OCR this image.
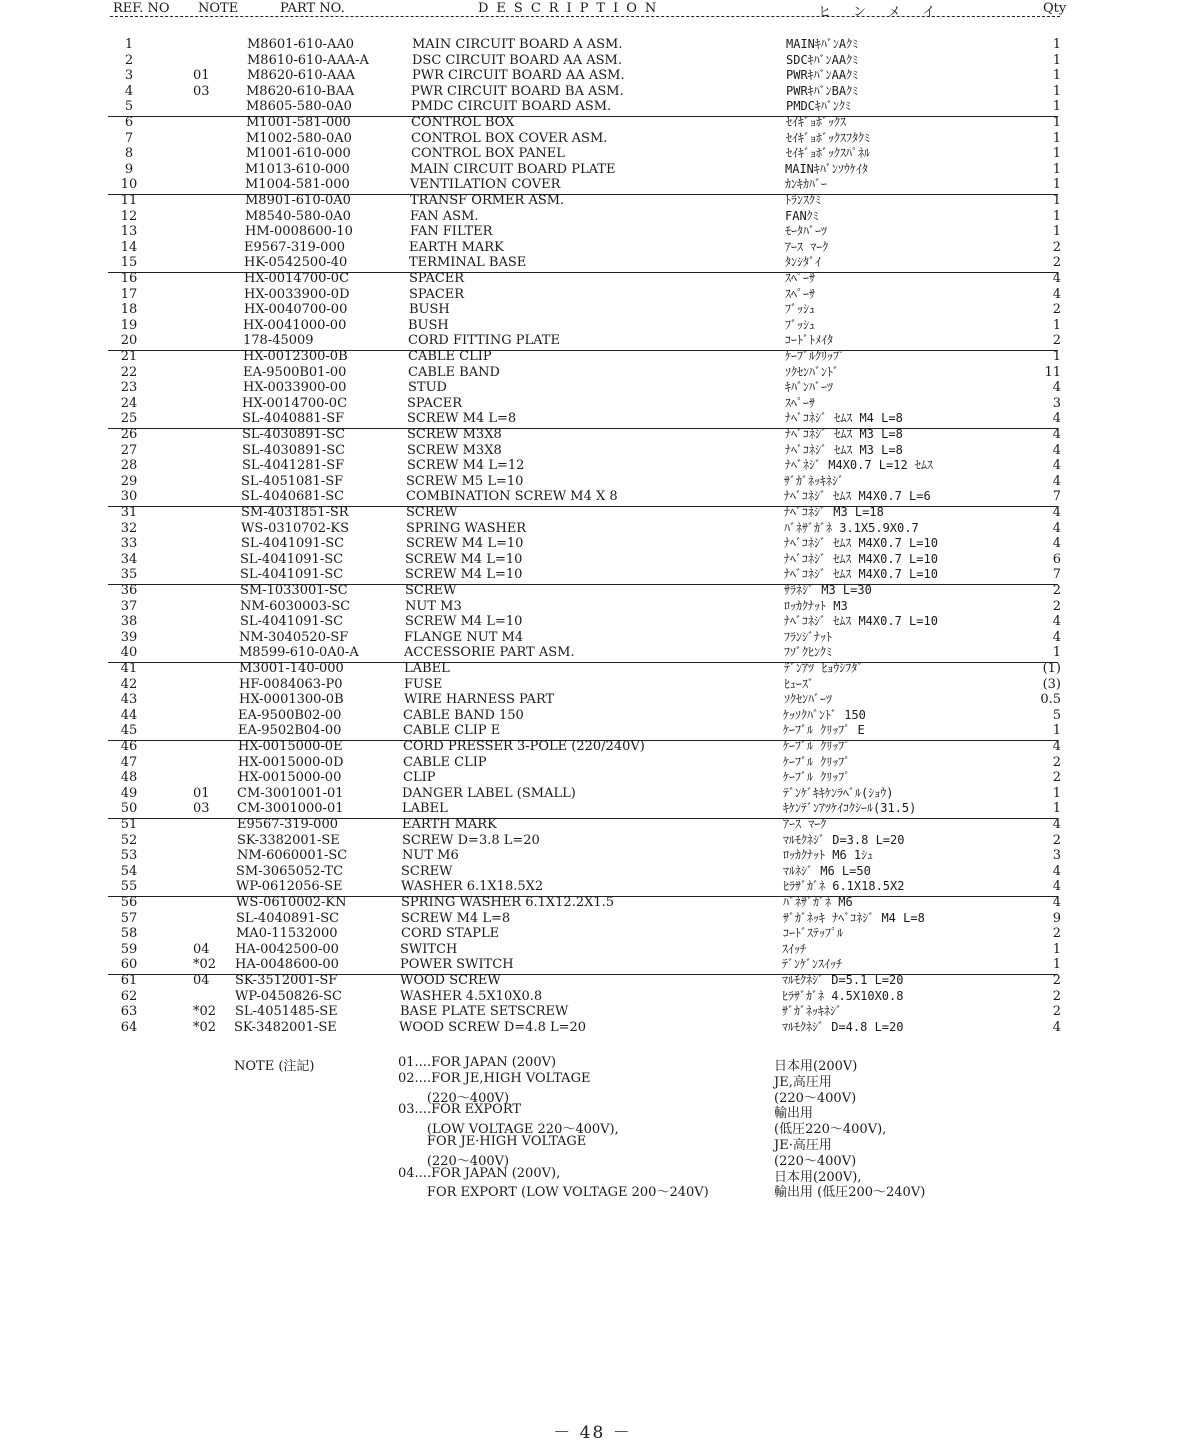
REF. NO NOTE	PART NO.	DESCRIPTION	ヒンメイ	Qty
1	M8601-610-AA0	MAIN CIRCUIT BOARD A ASM.	MAINｷﾊﾞﾝAｸﾐ	1
2	M8610-610-AAA-A	DSC CIRCUIT BOARD AA ASM.	SDCｷﾊﾞﾝAAｸﾐ	1
3	01	M8620-610-AAA	PWR CIRCUIT BOARD AA ASM.	PWRｷﾊﾞﾝAAｸﾐ	1
4	03	M8620-610-BAA	PWR CIRCUIT BOARD BA ASM.	PWRｷﾊﾞﾝBAｸﾐ	1
5	M8605-580-0A0	PMDC CIRCUIT BOARD ASM.	PMDCｷﾊﾞﾝｸﾐ	1
6	M1001-581-000	CONTROL BOX	ｾｲｷﾞｮﾎﾞｯｸｽ	1
7	M1002-580-0A0	CONTROL BOX COVER ASM.	ｾｲｷﾞｮﾎﾞｯｸｽﾌﾀｸﾐ	1
8	M1001-610-000	CONTROL BOX PANEL	ｾｲｷﾞｮﾎﾞｯｸｽﾊﾟﾈﾙ	1
9	M1013-610-000	MAIN CIRCUIT BOARD PLATE	MAINｷﾊﾞﾝｿｳｹｲﾀ	1
10	M1004-581-000	VENTILATION COVER	ｶﾝｷｶﾊﾞｰ	1
11	M8901-610-0A0	TRANSF ORMER ASM.	ﾄﾗﾝｽｸﾐ	1
12	M8540-580-0A0	FAN ASM.	FANｸﾐ	1
13	HM-0008600-10	FAN FILTER	ﾓｰﾀﾊﾞｰﾂ	1
14	E9567-319-000	EARTH MARK	ｱｰｽ ﾏｰｸ	2
15	HK-0542500-40	TERMINAL BASE	ﾀﾝｼﾀﾞｲ	2
16	HX-0014700-0C	SPACER	ｽﾍﾟｰｻ	4
17	HX-0033900-0D	SPACER	ｽﾍﾟｰｻ	4
18	HX-0040700-00	BUSH	ﾌﾞｯｼｭ	2
19	HX-0041000-00	BUSH	ﾌﾞｯｼｭ	1
20	178-45009	CORD FITTING PLATE	ｺｰﾄﾞﾄﾒｲﾀ	2
21	HX-0012300-0B	CABLE CLIP	ｹｰﾌﾞﾙｸﾘｯﾌﾟ	1
22	EA-9500B01-00	CABLE BAND	ｿｸｾﾝﾊﾞﾝﾄﾞ	11
23	HX-0033900-00	STUD	ｷﾊﾞﾝﾊﾞｰﾂ	4
24	HX-0014700-0C	SPACER	ｽﾍﾟｰｻ	3
25	SL-4040881-SF	SCREW M4 L=8	ﾅﾍﾞｺﾈｼﾞ ｾﾑｽ M4 L=8	4
26	SL-4030891-SC	SCREW M3X8	ﾅﾍﾞｺﾈｼﾞ ｾﾑｽ M3 L=8	4
27	SL-4030891-SC	SCREW M3X8	ﾅﾍﾞｺﾈｼﾞ ｾﾑｽ M3 L=8	4
28	SL-4041281-SF	SCREW M4 L=12	ﾅﾍﾞﾈｼﾞ M4X0.7 L=12 ｾﾑｽ	4
29	SL-4051081-SF	SCREW M5 L=10	ｻﾞｶﾞﾈｯｷﾈｼﾞ	4
30	SL-4040681-SC	COMBINATION SCREW M4 X 8	ﾅﾍﾞｺﾈｼﾞ ｾﾑｽ M4X0.7 L=6	7
31	SM-4031851-SR	SCREW	ﾅﾍﾞｺﾈｼﾞ M3 L=18	4
32	WS-0310702-KS	SPRING WASHER	ﾊﾞﾈｻﾞｶﾞﾈ 3.1X5.9X0.7	4
33	SL-4041091-SC	SCREW M4 L=10	ﾅﾍﾞｺﾈｼﾞ ｾﾑｽ M4X0.7 L=10	4
34	SL-4041091-SC	SCREW M4 L=10	ﾅﾍﾞｺﾈｼﾞ ｾﾑｽ M4X0.7 L=10	6
35	SL-4041091-SC	SCREW M4 L=10	ﾅﾍﾞｺﾈｼﾞ ｾﾑｽ M4X0.7 L=10	7
36	SM-1033001-SC	SCREW	ｻﾗﾈｼﾞ M3 L=30	2
37	NM-6030003-SC	NUT M3	ﾛｯｶｸﾅｯﾄ M3	2
38	SL-4041091-SC	SCREW M4 L=10	ﾅﾍﾞｺﾈｼﾞ ｾﾑｽ M4X0.7 L=10	4
39	NM-3040520-SF	FLANGE NUT M4	ﾌﾗﾝｼﾞﾅｯﾄ	4
40	M8599-610-0A0-A	ACCESSORIE PART ASM.	ﾌｿﾞｸﾋﾝｸﾐ	1
41	M3001-140-000	LABEL	ﾃﾞﾝｱﾂ ﾋｮｳｼﾌﾀﾞ	(1)
42	HF-0084063-P0	FUSE	ﾋｭｰｽﾞ	(3)
43	HX-0001300-0B	WIRE HARNESS PART	ｿｸｾﾝﾊﾞｰﾂ	0.5
44	EA-9500B02-00	CABLE BAND 150	ｹｯｿｸﾊﾞﾝﾄﾞ 150	5
45	EA-9502B04-00	CABLE CLIP E	ｹｰﾌﾞﾙ ｸﾘｯﾌﾟ E	1
46	HX-0015000-0E	CORD PRESSER 3-POLE (220/240V)	ｹｰﾌﾞﾙ ｸﾘｯﾌﾟ	4
47	HX-0015000-0D	CABLE CLIP	ｹｰﾌﾞﾙ ｸﾘｯﾌﾟ	2
48	HX-0015000-00	CLIP	ｹｰﾌﾞﾙ ｸﾘｯﾌﾟ	2
49	01 CM-3001001-01	DANGER LABEL (SMALL)	ﾃﾞﾝｹﾞｷｷｹﾝﾗﾍﾞﾙ(ｼｮｳ)	1
50	03 CM-3001000-01	LABEL	ｷｹﾝﾃﾞﾝｱﾂｹｲｺｸｼｰﾙ(31.5)	1
51	E9567-319-000	EARTH MARK	ｱｰｽ ﾏｰｸ	4
52	SK-3382001-SE	SCREW D=3.8 L=20	ﾏﾙﾓｸﾈｼﾞ D=3.8 L=20	2
53	NM-6060001-SC	NUT M6	ﾛｯｶｸﾅｯﾄ M6 1ｼｭ	3
54	SM-3065052-TC	SCREW	ﾏﾙﾈｼﾞ M6 L=50	4
55	WP-0612056-SE	WASHER 6.1X18.5X2	ﾋﾗｻﾞｶﾞﾈ 6.1X18.5X2	4
56	WS-0610002-KN	SPRING WASHER 6.1X12.2X1.5	ﾊﾞﾈｻﾞｶﾞﾈ M6	4
57	SL-4040891-SC	SCREW M4 L=8	ｻﾞｶﾞﾈｯｷ ﾅﾍﾞｺﾈｼﾞ M4 L=8	9
58	MA0-11532000	CORD STAPLE	ｺｰﾄﾞｽﾃｯﾌﾟﾙ	2
59	04 HA-0042500-00	SWITCH	ｽｲｯﾁ	1
60	*02 HA-0048600-00	POWER SWITCH	ﾃﾞﾝｹﾞﾝｽｲｯﾁ	1
61	04 SK-3512001-SF	WOOD SCREW	ﾏﾙﾓｸﾈｼﾞ D=5.1 L=20	2
62	WP-0450826-SC	WASHER 4.5X10X0.8	ﾋﾗｻﾞｶﾞﾈ 4.5X10X0.8	2
63	*02 SL-4051485-SE	BASE PLATE SETSCREW	ｻﾞｶﾞﾈｯｷﾈｼﾞ	2
64	*02 SK-3482001-SE	WOOD SCREW D=4.8 L=20	ﾏﾙﾓｸﾈｼﾞ D=4.8 L=20	4
NOTE (注記)	01....FOR JAPAN (200V)	日本用(200V)
02....FOR JE,HIGH VOLTAGE	JE,高圧用
(220～400V)	(220～400V)
03....FOR EXPORT	輸出用
(LOW VOLTAGE 220～400V),	(低圧220～400V),
FOR JE·HIGH VOLTAGE	JE·高圧用
(220～400V)	(220～400V)
04....FOR JAPAN (200V),	日本用(200V),
FOR EXPORT (LOW VOLTAGE 200～240V)	輸出用 (低圧200～240V)
－ 48 －
